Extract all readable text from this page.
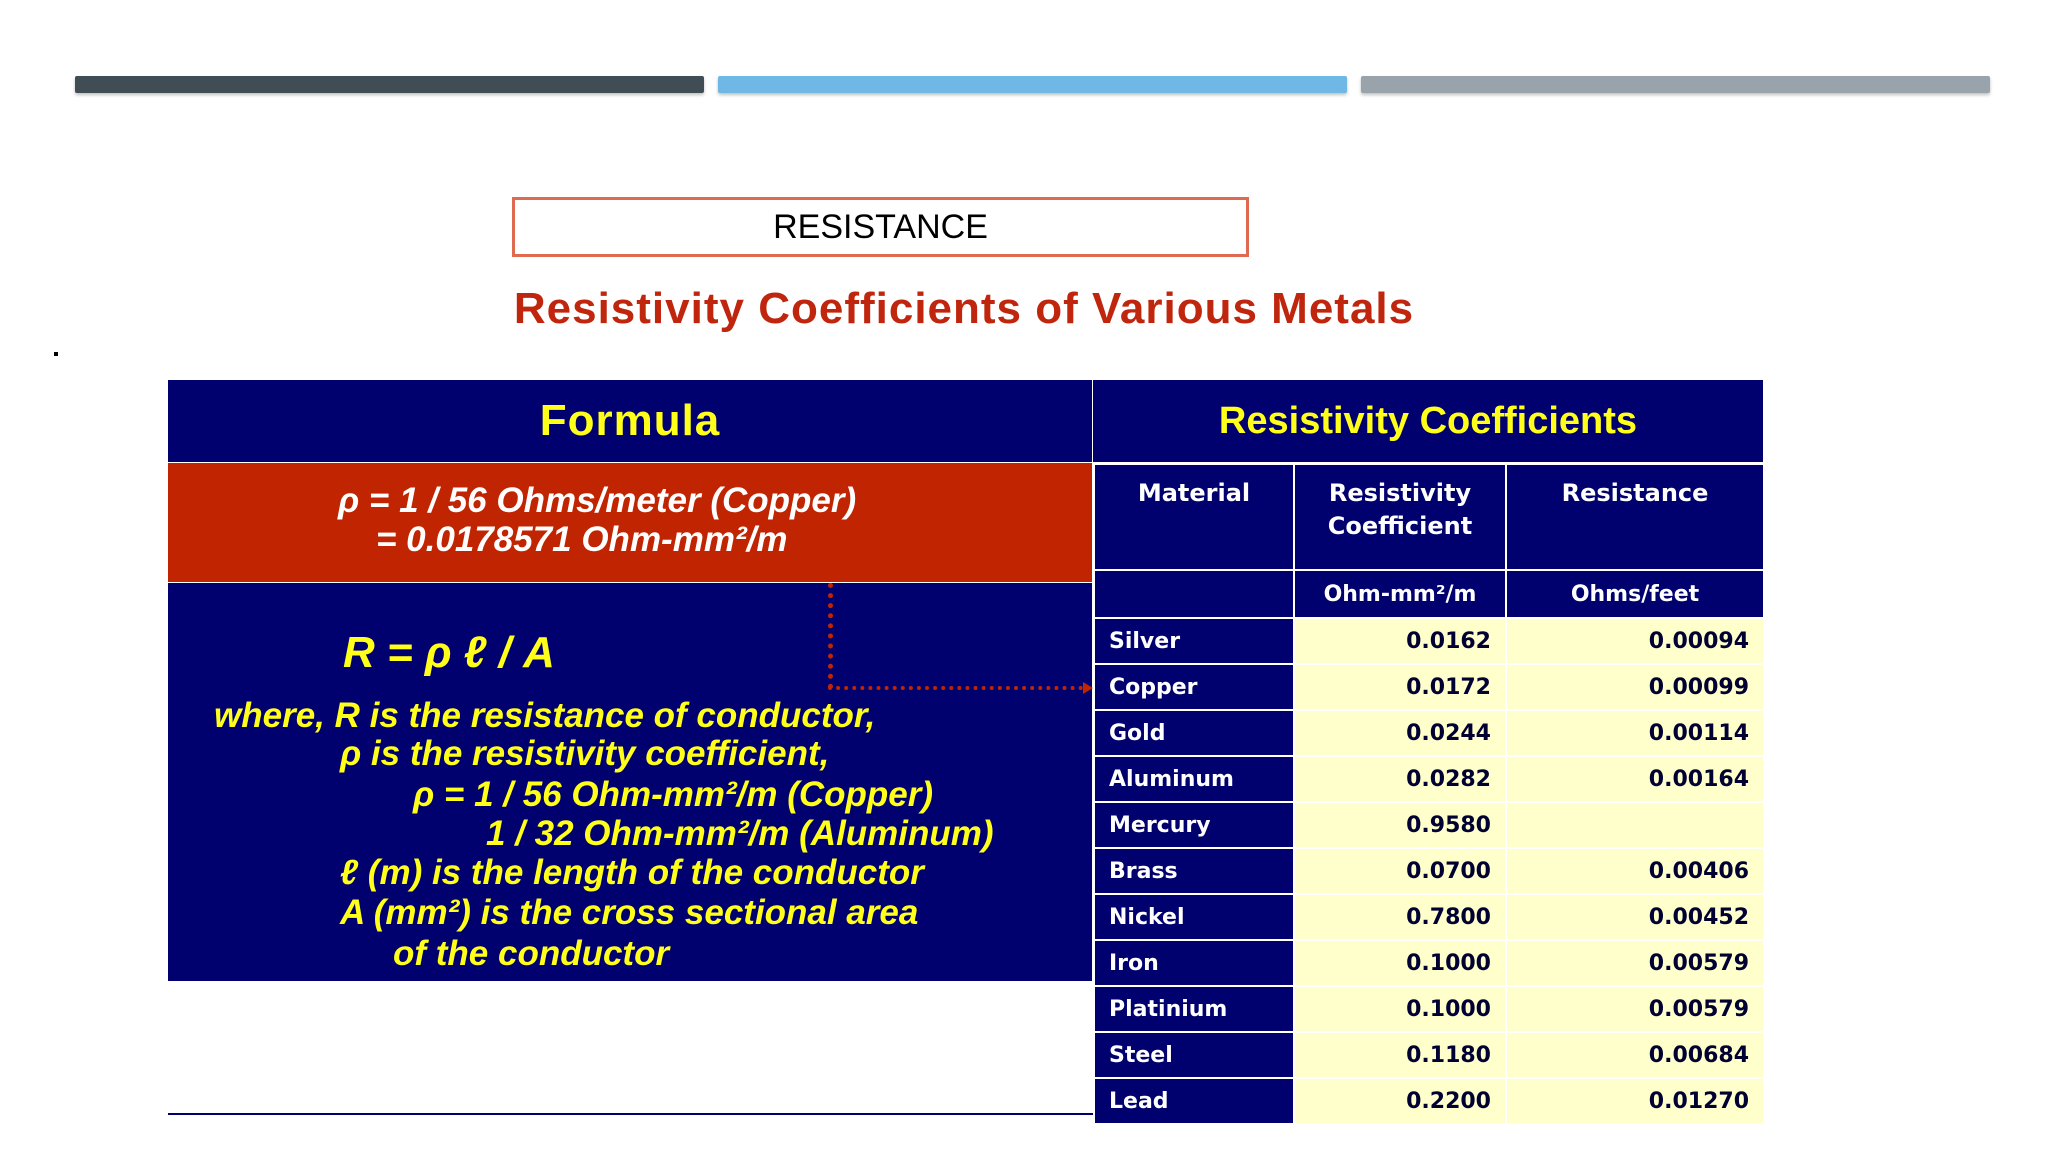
RESISTANCE
Resistivity Coefficients of Various Metals
Formula
ρ = 1 / 56 Ohms/meter (Copper)
= 0.0178571 Ohm-mm²/m
R = ρ ℓ / A
where, R is the resistance of conductor,
ρ is the resistivity coefficient,
ρ = 1 / 56 Ohm-mm²/m (Copper)
1 / 32 Ohm-mm²/m (Aluminum)
ℓ (m) is the length of the conductor
A (mm²) is the cross sectional area
of the conductor
Resistivity Coefficients
Material	Resistivity Coefficient	Resistance
	Ohm-mm²/m	Ohms/feet
Silver	0.0162	0.00094
Copper	0.0172	0.00099
Gold	0.0244	0.00114
Aluminum	0.0282	0.00164
Mercury	0.9580	
Brass	0.0700	0.00406
Nickel	0.7800	0.00452
Iron	0.1000	0.00579
Platinium	0.1000	0.00579
Steel	0.1180	0.00684
Lead	0.2200	0.01270
